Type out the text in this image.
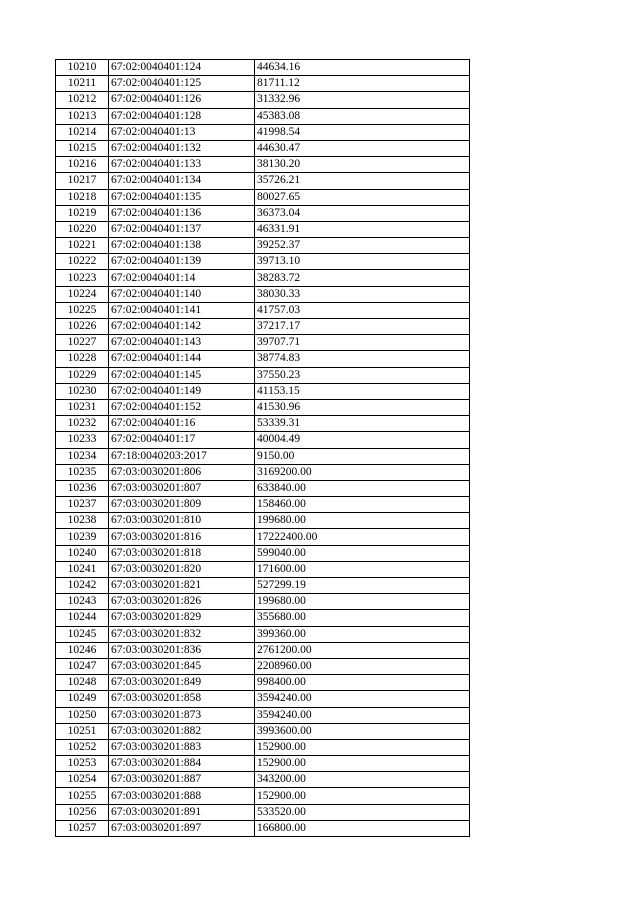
10210	67:02:0040401:124	44634.16
10211	67:02:0040401:125	81711.12
10212	67:02:0040401:126	31332.96
10213	67:02:0040401:128	45383.08
10214	67:02:0040401:13	41998.54
10215	67:02:0040401:132	44630.47
10216	67:02:0040401:133	38130.20
10217	67:02:0040401:134	35726.21
10218	67:02:0040401:135	80027.65
10219	67:02:0040401:136	36373.04
10220	67:02:0040401:137	46331.91
10221	67:02:0040401:138	39252.37
10222	67:02:0040401:139	39713.10
10223	67:02:0040401:14	38283.72
10224	67:02:0040401:140	38030.33
10225	67:02:0040401:141	41757.03
10226	67:02:0040401:142	37217.17
10227	67:02:0040401:143	39707.71
10228	67:02:0040401:144	38774.83
10229	67:02:0040401:145	37550.23
10230	67:02:0040401:149	41153.15
10231	67:02:0040401:152	41530.96
10232	67:02:0040401:16	53339.31
10233	67:02:0040401:17	40004.49
10234	67:18:0040203:2017	9150.00
10235	67:03:0030201:806	3169200.00
10236	67:03:0030201:807	633840.00
10237	67:03:0030201:809	158460.00
10238	67:03:0030201:810	199680.00
10239	67:03:0030201:816	17222400.00
10240	67:03:0030201:818	599040.00
10241	67:03:0030201:820	171600.00
10242	67:03:0030201:821	527299.19
10243	67:03:0030201:826	199680.00
10244	67:03:0030201:829	355680.00
10245	67:03:0030201:832	399360.00
10246	67:03:0030201:836	2761200.00
10247	67:03:0030201:845	2208960.00
10248	67:03:0030201:849	998400.00
10249	67:03:0030201:858	3594240.00
10250	67:03:0030201:873	3594240.00
10251	67:03:0030201:882	3993600.00
10252	67:03:0030201:883	152900.00
10253	67:03:0030201:884	152900.00
10254	67:03:0030201:887	343200.00
10255	67:03:0030201:888	152900.00
10256	67:03:0030201:891	533520.00
10257	67:03:0030201:897	166800.00
